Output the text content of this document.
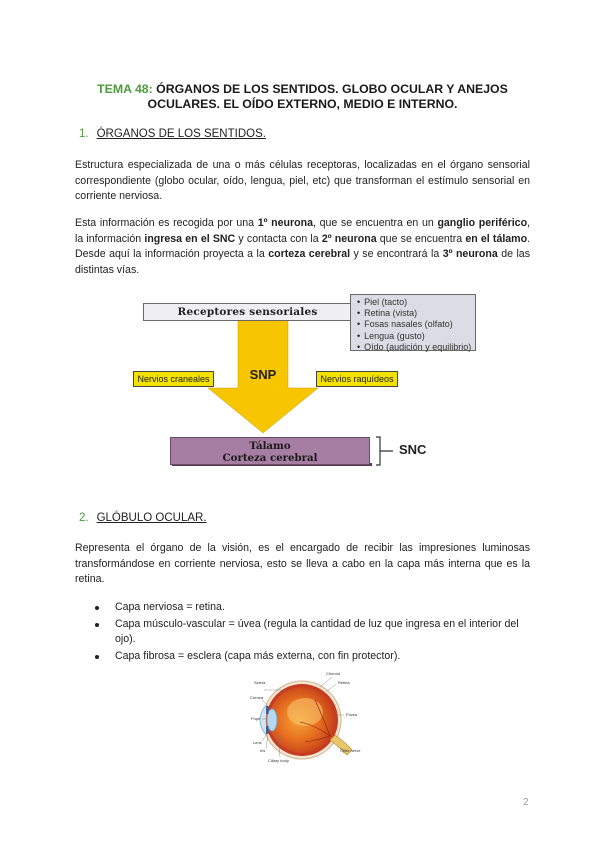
TEMA 48: ÓRGANOS DE LOS SENTIDOS. GLOBO OCULAR Y ANEJOS
OCULARES. EL OÍDO EXTERNO, MEDIO E INTERNO.
1. ÓRGANOS DE LOS SENTIDOS.
Estructura especializada de una o más células receptoras, localizadas en el órgano sensorial correspondiente (globo ocular, oído, lengua, piel, etc) que transforman el estímulo sensorial en corriente nerviosa.
Esta información es recogida por una 1º neurona, que se encuentra en un ganglio periférico, la información ingresa en el SNC y contacta con la 2º neurona que se encuentra en el tálamo. Desde aquí la información proyecta a la corteza cerebral y se encontrará la 3º neurona de las distintas vías.
Receptores sensoriales
• Piel (tacto)
• Retina (vista)
• Fosas nasales (olfato)
• Lengua (gusto)
• Oído (audición y equilibrio)
SNP
Nervios craneales	Nervios raquídeos
Tálamo
Corteza cerebral
SNC
2. GLÓBULO OCULAR.
Representa el órgano de la visión, es el encargado de recibir las impresiones luminosas transformándose en corriente nerviosa, esto se lleva a cabo en la capa más interna que es la retina.
Capa nerviosa = retina.
Capa músculo-vascular = úvea (regula la cantidad de luz que ingresa en el interior del ojo).
Capa fibrosa = esclera (capa más externa, con fin protector).
Sclera
Choroid
Retina
Cornea
Fovea
Pupil
Lens
Iris	Optic nerve
Ciliary body
2
